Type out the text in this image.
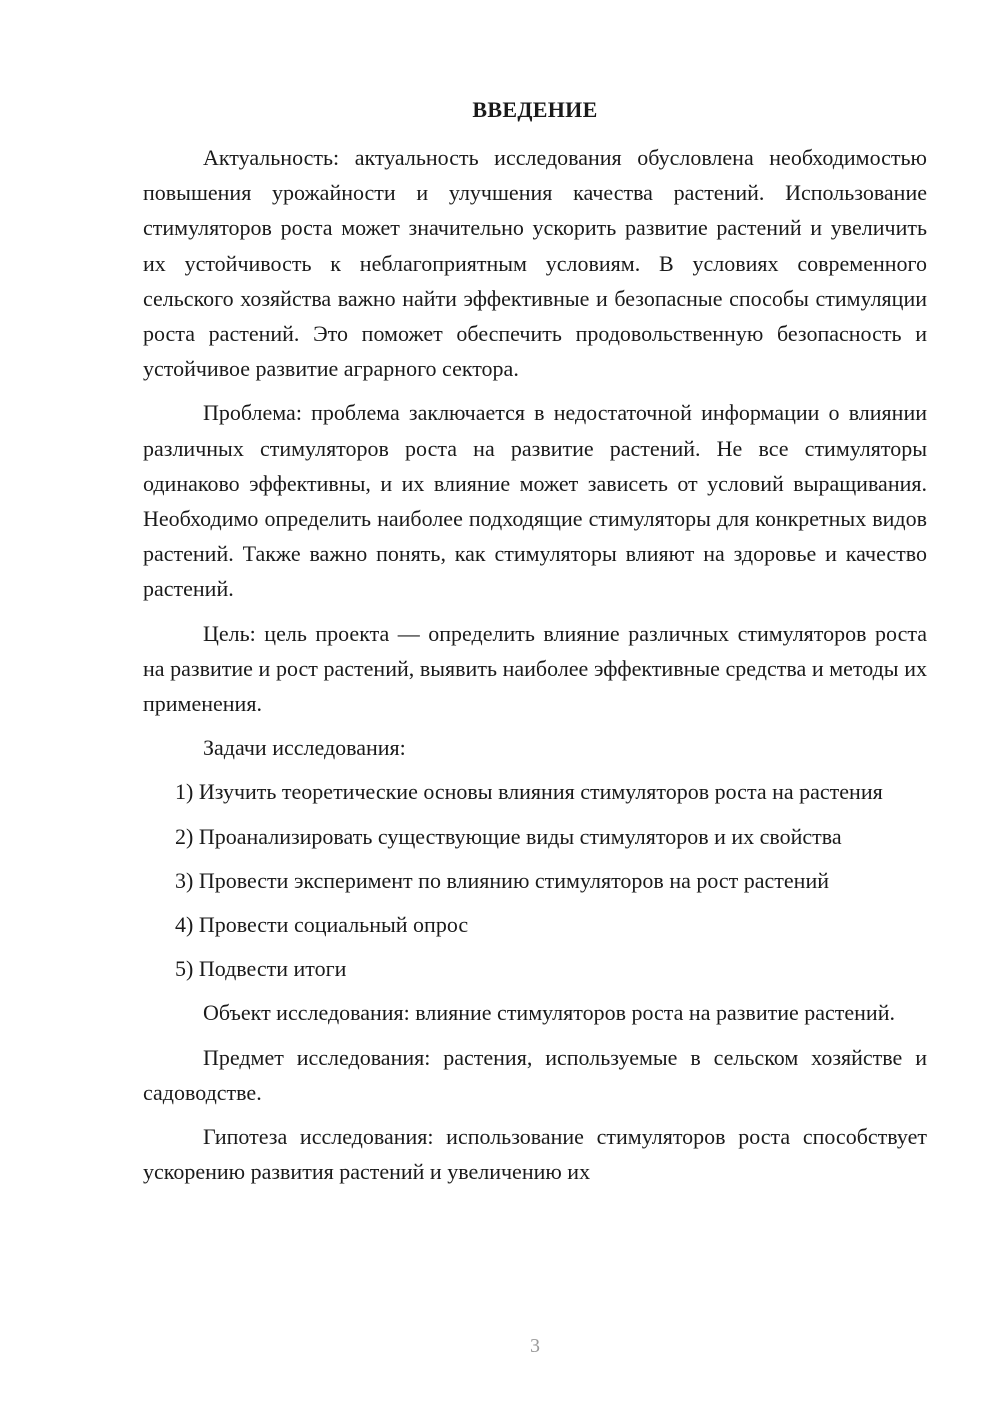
ВВЕДЕНИЕ

Актуальность: актуальность исследования обусловлена необходимостью повышения урожайности и улучшения качества растений. Использование стимуляторов роста может значительно ускорить развитие растений и увеличить их устойчивость к неблагоприятным условиям. В условиях современного сельского хозяйства важно найти эффективные и безопасные способы стимуляции роста растений. Это поможет обеспечить продовольственную безопасность и устойчивое развитие аграрного сектора.

Проблема: проблема заключается в недостаточной информации о влиянии различных стимуляторов роста на развитие растений. Не все стимуляторы одинаково эффективны, и их влияние может зависеть от условий выращивания. Необходимо определить наиболее подходящие стимуляторы для конкретных видов растений. Также важно понять, как стимуляторы влияют на здоровье и качество растений.

Цель: цель проекта — определить влияние различных стимуляторов роста на развитие и рост растений, выявить наиболее эффективные средства и методы их применения.

Задачи исследования:

1) Изучить теоретические основы влияния стимуляторов роста на растения

2) Проанализировать существующие виды стимуляторов и их свойства

3) Провести эксперимент по влиянию стимуляторов на рост растений

4) Провести социальный опрос

5) Подвести итоги

Объект исследования: влияние стимуляторов роста на развитие растений.

Предмет исследования: растения, используемые в сельском хозяйстве и садоводстве.

Гипотеза исследования: использование стимуляторов роста способствует ускорению развития растений и увеличению их

3
